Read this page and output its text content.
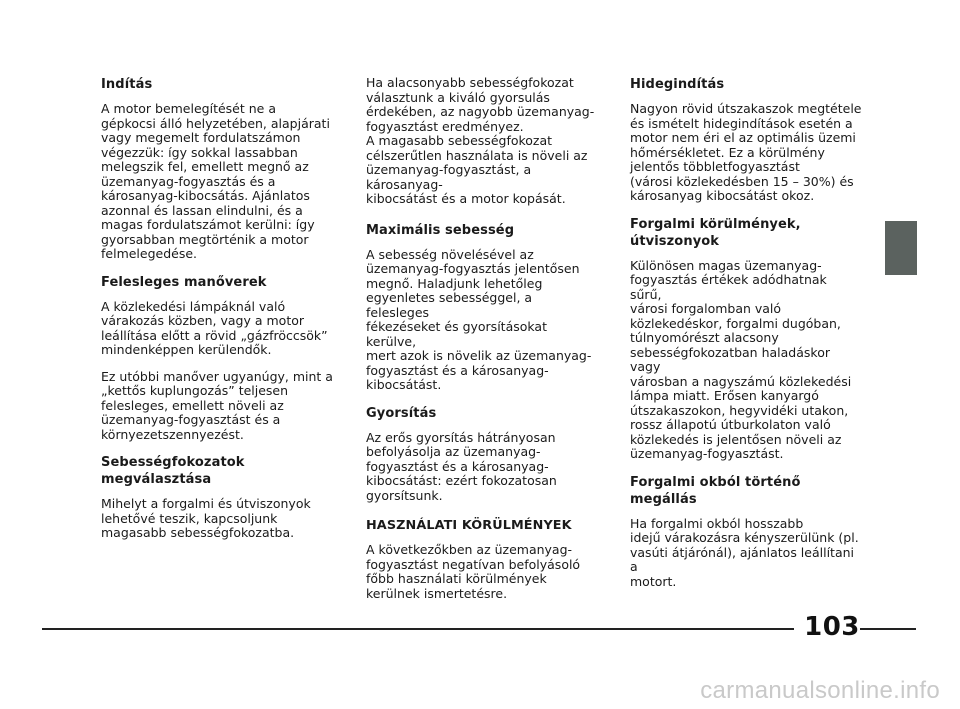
Indítás
A motor bemelegítését ne a
gépkocsi álló helyzetében, alapjárati
vagy megemelt fordulatszámon
végezzük: így sokkal lassabban
melegszik fel, emellett megnő az
üzemanyag-fogyasztás és a
károsanyag-kibocsátás. Ajánlatos
azonnal és lassan elindulni, és a
magas fordulatszámot kerülni: így
gyorsabban megtörténik a motor
felmelegedése.
Felesleges manőverek
A közlekedési lámpáknál való
várakozás közben, vagy a motor
leállítása előtt a rövid „gázfröccsök”
mindenképpen kerülendők.
Ez utóbbi manőver ugyanúgy, mint a
„kettős kuplungozás” teljesen
felesleges, emellett növeli az
üzemanyag-fogyasztást és a
környezetszennyezést.
Sebességfokozatok
megválasztása
Mihelyt a forgalmi és útviszonyok
lehetővé teszik, kapcsoljunk
magasabb sebességfokozatba.
Ha alacsonyabb sebességfokozat
választunk a kiváló gyorsulás
érdekében, az nagyobb üzemanyag-
fogyasztást eredményez.
A magasabb sebességfokozat
célszerűtlen használata is növeli az
üzemanyag-fogyasztást, a károsanyag-
kibocsátást és a motor kopását.
Maximális sebesség
A sebesség növelésével az
üzemanyag-fogyasztás jelentősen
megnő. Haladjunk lehetőleg
egyenletes sebességgel, a felesleges
fékezéseket és gyorsításokat kerülve,
mert azok is növelik az üzemanyag-
fogyasztást és a károsanyag-
kibocsátást.
Gyorsítás
Az erős gyorsítás hátrányosan
befolyásolja az üzemanyag-
fogyasztást és a károsanyag-
kibocsátást: ezért fokozatosan
gyorsítsunk.
HASZNÁLATI KÖRÜLMÉNYEK
A következőkben az üzemanyag-
fogyasztást negatívan befolyásoló
főbb használati körülmények
kerülnek ismertetésre.
Hidegindítás
Nagyon rövid útszakaszok megtétele
és ismételt hidegindítások esetén a
motor nem éri el az optimális üzemi
hőmérsékletet. Ez a körülmény
jelentős többletfogyasztást
(városi közlekedésben 15 – 30%) és
károsanyag kibocsátást okoz.
Forgalmi körülmények,
útviszonyok
Különösen magas üzemanyag-
fogyasztás értékek adódhatnak sűrű,
városi forgalomban való
közlekedéskor, forgalmi dugóban,
túlnyomórészt alacsony
sebességfokozatban haladáskor vagy
városban a nagyszámú közlekedési
lámpa miatt. Erősen kanyargó
útszakaszokon, hegyvidéki utakon,
rossz állapotú útburkolaton való
közlekedés is jelentősen növeli az
üzemanyag-fogyasztást.
Forgalmi okból történő
megállás
Ha forgalmi okból hosszabb
idejű várakozásra kényszerülünk (pl.
vasúti átjárónál), ajánlatos leállítani a
motort.
103
carmanualsonline.info
